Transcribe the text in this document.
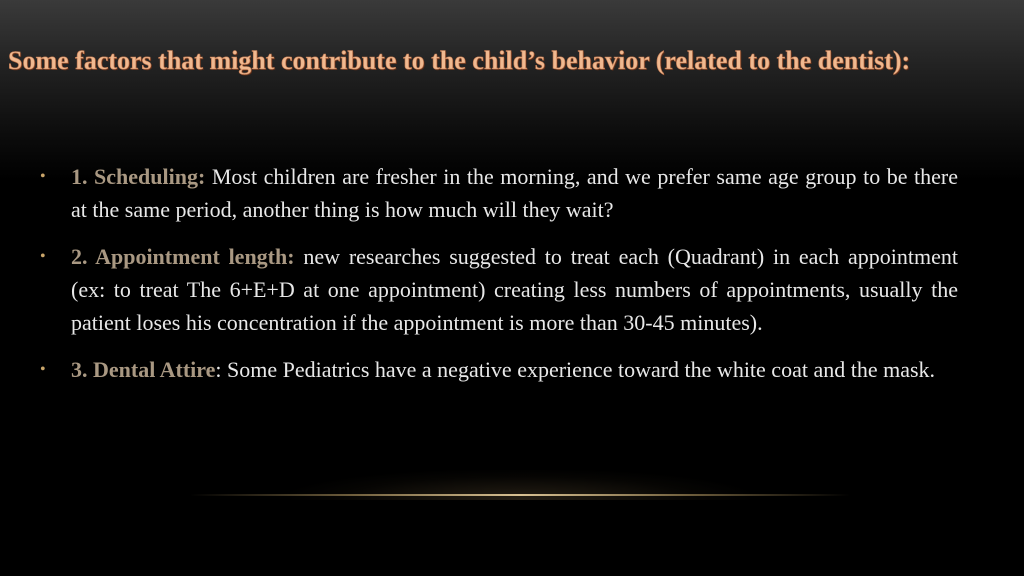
Some factors that might contribute to the child’s behavior (related to the dentist):
•	1. Scheduling: Most children are fresher in the morning, and we prefer same age group to be there at the same period, another thing is how much will they wait?
•	2. Appointment length: new researches suggested to treat each (Quadrant) in each appointment (ex: to treat The 6+E+D at one appointment) creating less numbers of appointments, usually the patient loses his concentration if the appointment is more than 30-45 minutes).
•	3. Dental Attire: Some Pediatrics have a negative experience toward the white coat and the mask.
